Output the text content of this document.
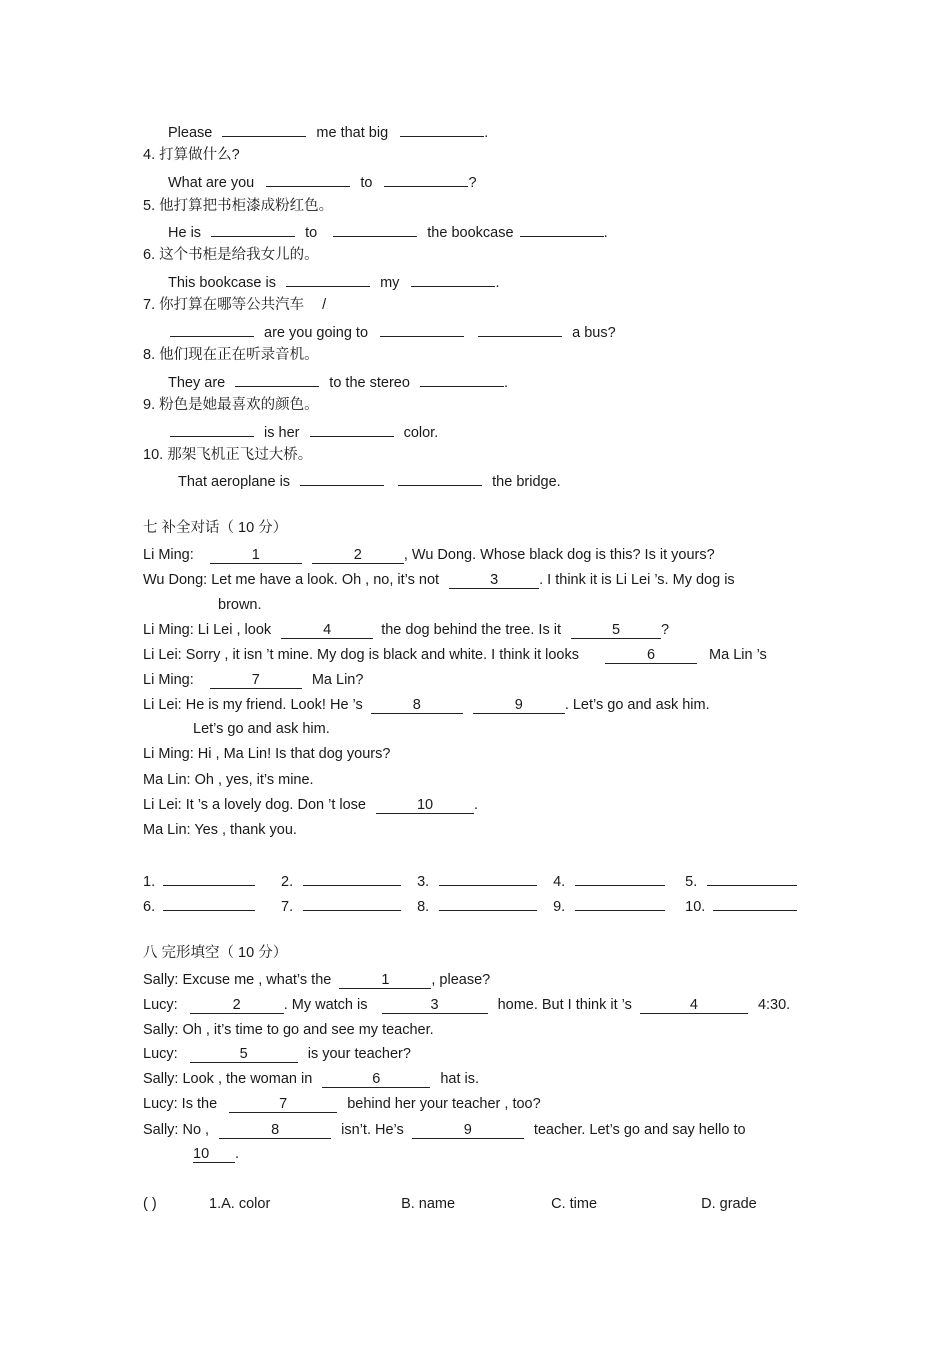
Please	me that big	.
4. 打算做什么?
What are you	to	?
5. 他打算把书柜漆成粉红色。
He is	to	the bookcase	.
6. 这个书柜是给我女儿的。
This bookcase is	my	.
7. 你打算在哪等公共汽车 /
are you going to	a bus?
8. 他们现在正在听录音机。
They are	to the stereo	.
9. 粉色是她最喜欢的颜色。
is her	color.
10. 那架飞机正飞过大桥。
That aeroplane is	the bridge.
七 补全对话（ 10 分）
Li Ming:	1	2	, Wu Dong. Whose black dog is this? Is it yours?
Wu Dong: Let me have a look. Oh , no, it’s not	3	. I think it is Li Lei ’s. My dog is
brown.
Li Ming: Li Lei , look	4	the dog behind the tree. Is it	5	?
Li Lei: Sorry , it isn ’t mine. My dog is black and white. I think it looks	6	Ma Lin ’s
Li Ming:	7	Ma Lin?
Li Lei: He is my friend. Look! He ’s	8	9	. Let’s go and ask him.
Let’s go and ask him.
Li Ming: Hi , Ma Lin! Is that dog yours?
Ma Lin: Oh , yes, it’s mine.
Li Lei: It ’s a lovely dog. Don ’t lose	10	.
Ma Lin: Yes , thank you.
1.	2.	3.	4.	5.
6.	7.	8.	9.	10.
八 完形填空（ 10 分）
Sally: Excuse me , what’s the	1	, please?
Lucy:	2	. My watch is	3	home. But I think it ’s	4	4:30.
Sally: Oh , it’s time to go and see my teacher.
Lucy:	5	is your teacher?
Sally: Look , the woman in	6	hat is.
Lucy: Is the	7	behind her your teacher , too?
Sally: No ,	8	isn’t. He’s	9	teacher. Let’s go and say hello to
10 .
( )	1.A. color	B. name	C. time	D. grade
